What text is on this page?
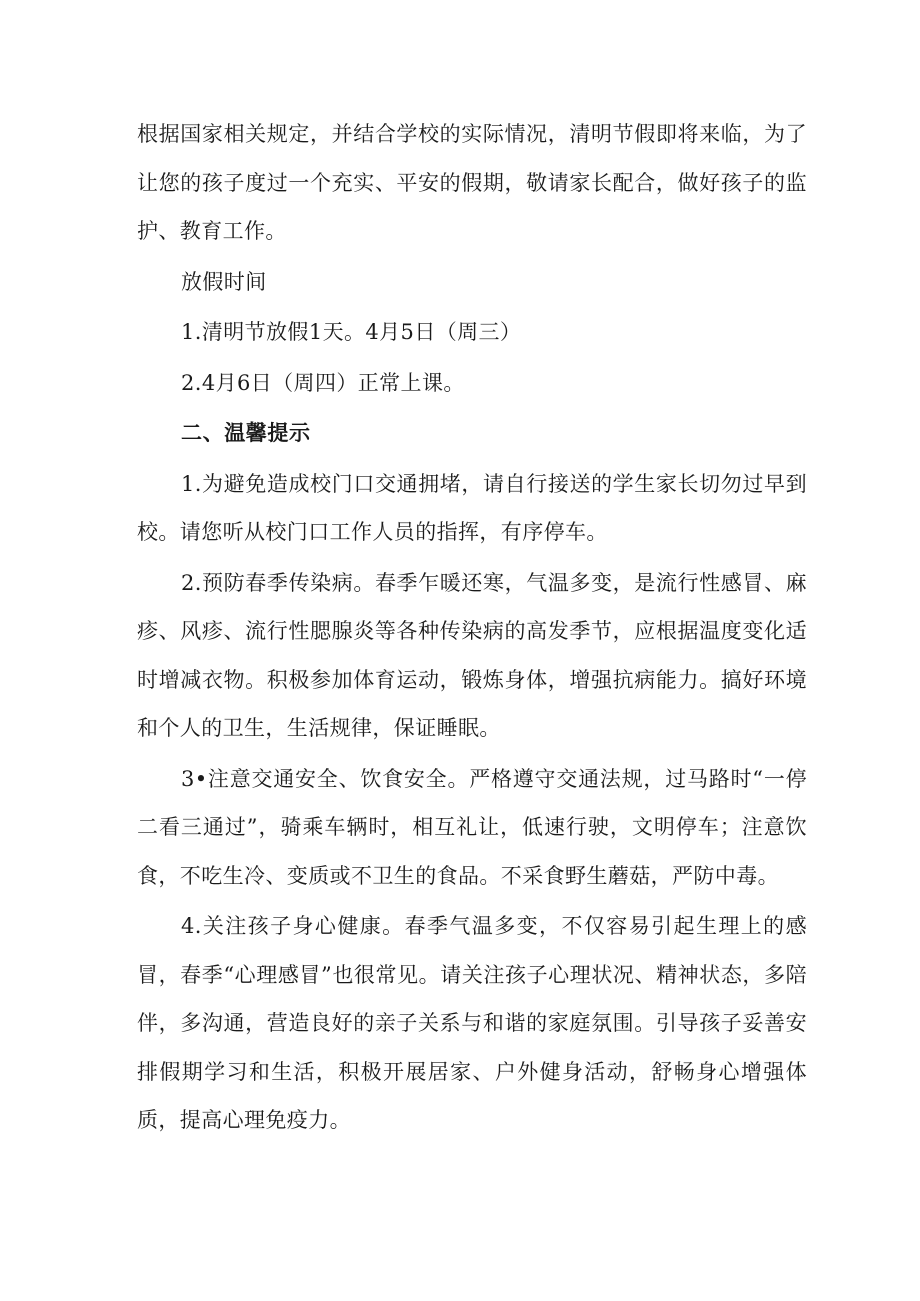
根据国家相关规定，并结合学校的实际情况，清明节假即将来临，为了让您的孩子度过一个充实、平安的假期，敬请家长配合，做好孩子的监护、教育工作。

放假时间

1.清明节放假1天。4月5日（周三）

2.4月6日（周四）正常上课。

二、温馨提示

1.为避免造成校门口交通拥堵，请自行接送的学生家长切勿过早到校。请您听从校门口工作人员的指挥，有序停车。

2.预防春季传染病。春季乍暖还寒，气温多变，是流行性感冒、麻疹、风疹、流行性腮腺炎等各种传染病的高发季节，应根据温度变化适时增减衣物。积极参加体育运动，锻炼身体，增强抗病能力。搞好环境和个人的卫生，生活规律，保证睡眠。

3•注意交通安全、饮食安全。严格遵守交通法规，过马路时“一停二看三通过”，骑乘车辆时，相互礼让，低速行驶，文明停车；注意饮食，不吃生冷、变质或不卫生的食品。不采食野生蘑菇，严防中毒。

4.关注孩子身心健康。春季气温多变，不仅容易引起生理上的感冒，春季“心理感冒”也很常见。请关注孩子心理状况、精神状态，多陪伴，多沟通，营造良好的亲子关系与和谐的家庭氛围。引导孩子妥善安排假期学习和生活，积极开展居家、户外健身活动，舒畅身心增强体质，提高心理免疫力。
